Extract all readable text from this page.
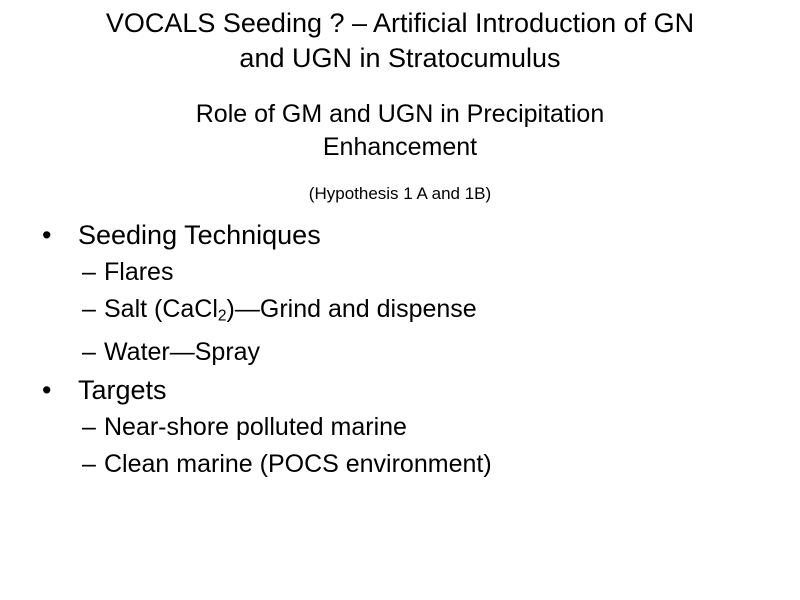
VOCALS Seeding ? – Artificial Introduction of GN
and UGN in Stratocumulus
Role of GM and UGN in Precipitation
Enhancement
(Hypothesis 1 A and 1B)
• Seeding Techniques
– Flares
– Salt (CaCl$_2$)—Grind and dispense
– Water—Spray
• Targets
– Near-shore polluted marine
– Clean marine (POCS environment)
